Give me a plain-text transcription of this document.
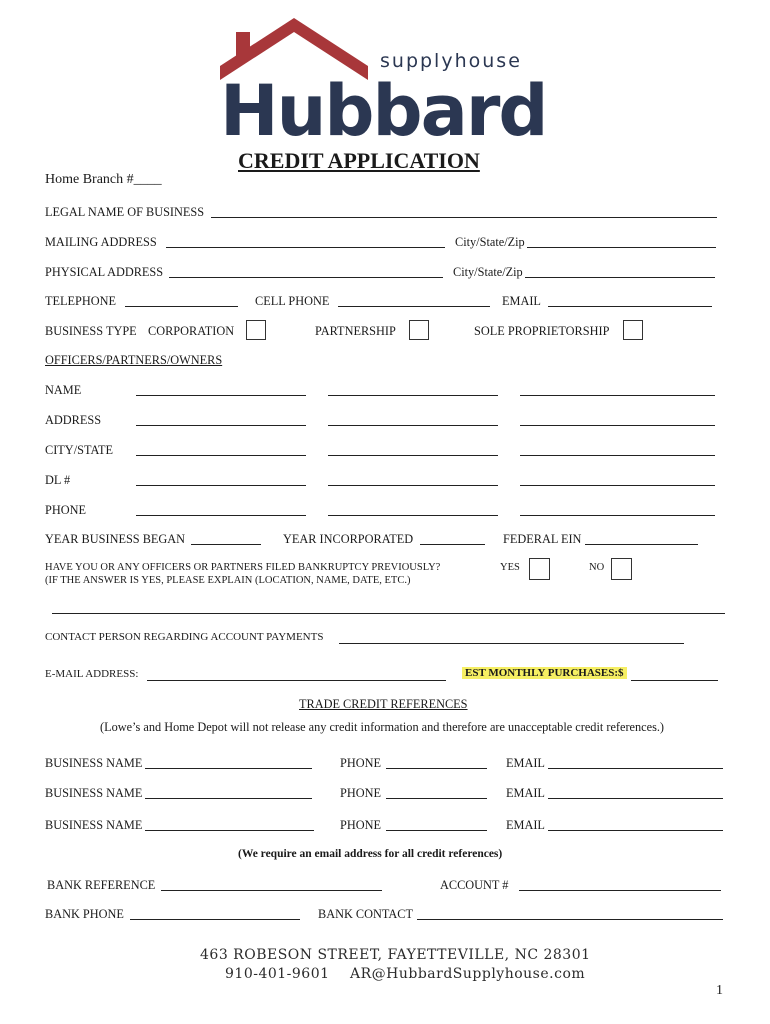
supplyhouse
Hubbard
CREDIT APPLICATION
Home Branch #____
LEGAL NAME OF BUSINESS
MAILING ADDRESS	City/State/Zip
PHYSICAL ADDRESS	City/State/Zip
TELEPHONE	CELL PHONE	EMAIL
BUSINESS TYPE CORPORATION	PARTNERSHIP	SOLE PROPRIETORSHIP
OFFICERS/PARTNERS/OWNERS
NAME
ADDRESS
CITY/STATE
DL #
PHONE
YEAR BUSINESS BEGAN	YEAR INCORPORATED	FEDERAL EIN
HAVE YOU OR ANY OFFICERS OR PARTNERS FILED BANKRUPTCY PREVIOUSLY?
(IF THE ANSWER IS YES, PLEASE EXPLAIN (LOCATION, NAME, DATE, ETC.)
YES	NO
CONTACT PERSON REGARDING ACCOUNT PAYMENTS
E-MAIL ADDRESS:	EST MONTHLY PURCHASES:$
TRADE CREDIT REFERENCES
(Lowe’s and Home Depot will not release any credit information and therefore are unacceptable credit references.)
BUSINESS NAME	PHONE	EMAIL
BUSINESS NAME	PHONE	EMAIL
BUSINESS NAME	PHONE	EMAIL
(We require an email address for all credit references)
BANK REFERENCE	ACCOUNT #
BANK PHONE	BANK CONTACT
463 ROBESON STREET, FAYETTEVILLE, NC 28301
910-401-9601 AR@HubbardSupplyhouse.com
1
